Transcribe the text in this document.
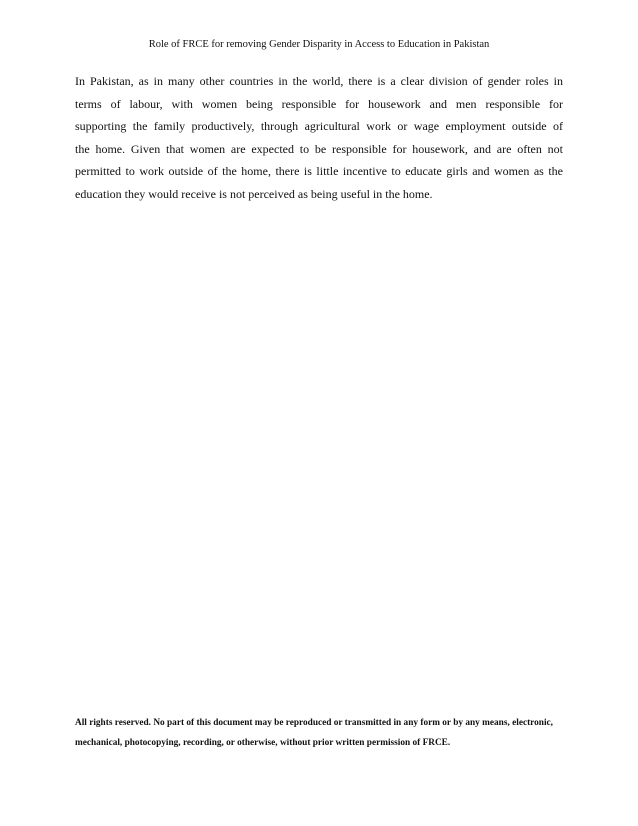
Role of FRCE for removing Gender Disparity in Access to Education in Pakistan

In Pakistan, as in many other countries in the world, there is a clear division of gender roles in
terms of labour, with women being responsible for housework and men responsible for
supporting the family productively, through agricultural work or wage employment outside of
the home. Given that women are expected to be responsible for housework, and are often not
permitted to work outside of the home, there is little incentive to educate girls and women as the
education they would receive is not perceived as being useful in the home.

All rights reserved. No part of this document may be reproduced or transmitted in any form or by any means, electronic,
mechanical, photocopying, recording, or otherwise, without prior written permission of FRCE.
